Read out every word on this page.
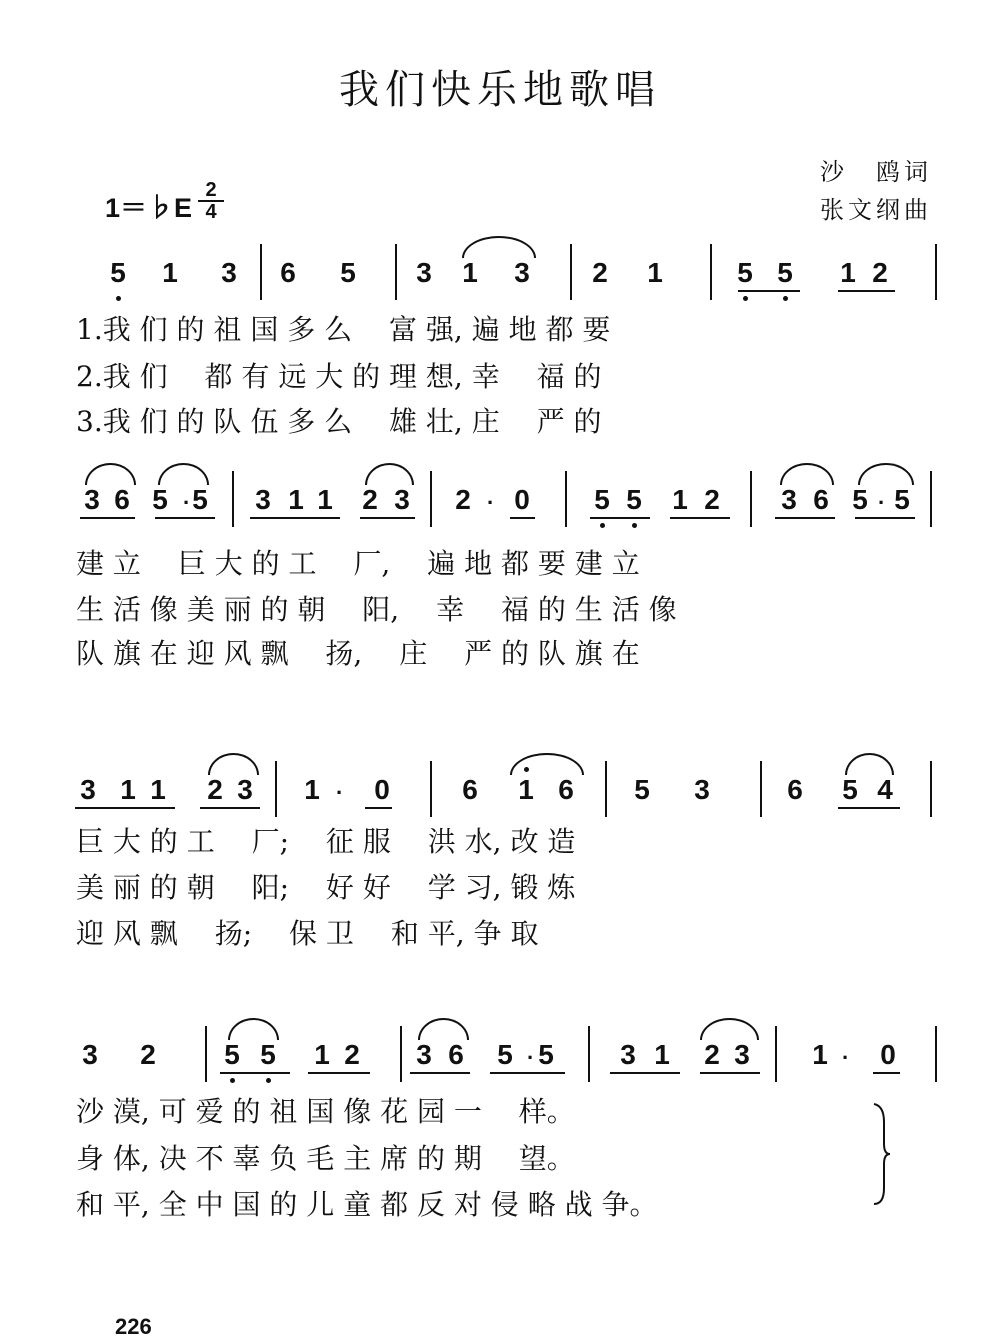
我们快乐地歌唱
沙　鸥词
张文纲曲
1＝♭E
2
4
5 1 3 6 5 3 1 3 2 1	5 5 1 2
1.我 们 的 祖 国 多 么　 富 强, 遍 地 都 要
2.我 们　 都 有 远 大 的 理 想, 幸　 福 的
3.我 们 的 队 伍 多 么　 雄 壮, 庄　 严 的
3 6 5 5 3 1 1 2 3 2 0 5 5 1 2 3 6 5 5
·	·	·
建 立　 巨 大 的 工　 厂,　 遍 地 都 要 建 立
生 活 像 美 丽 的 朝　 阳,　 幸　 福 的 生 活 像
队 旗 在 迎 风 飘　 扬,　 庄　 严 的 队 旗 在
3 1 1 2 3 1 0	6 1 6 5 3	6 5 4
·
巨 大 的 工　 厂;　 征 服　 洪 水, 改 造
美 丽 的 朝　 阳;　 好 好　 学 习, 锻 炼
迎 风 飘　 扬;　 保 卫　 和 平, 争 取
3 2 5 5 1 2 3 6 5 5 3 1 2 3 1 0
·	·
沙 漠, 可 爱 的 祖 国 像 花 园 一　 样。
身 体, 决 不 辜 负 毛 主 席 的 期　 望。
和 平, 全 中 国 的 儿 童 都 反 对 侵 略 战 争。
226
